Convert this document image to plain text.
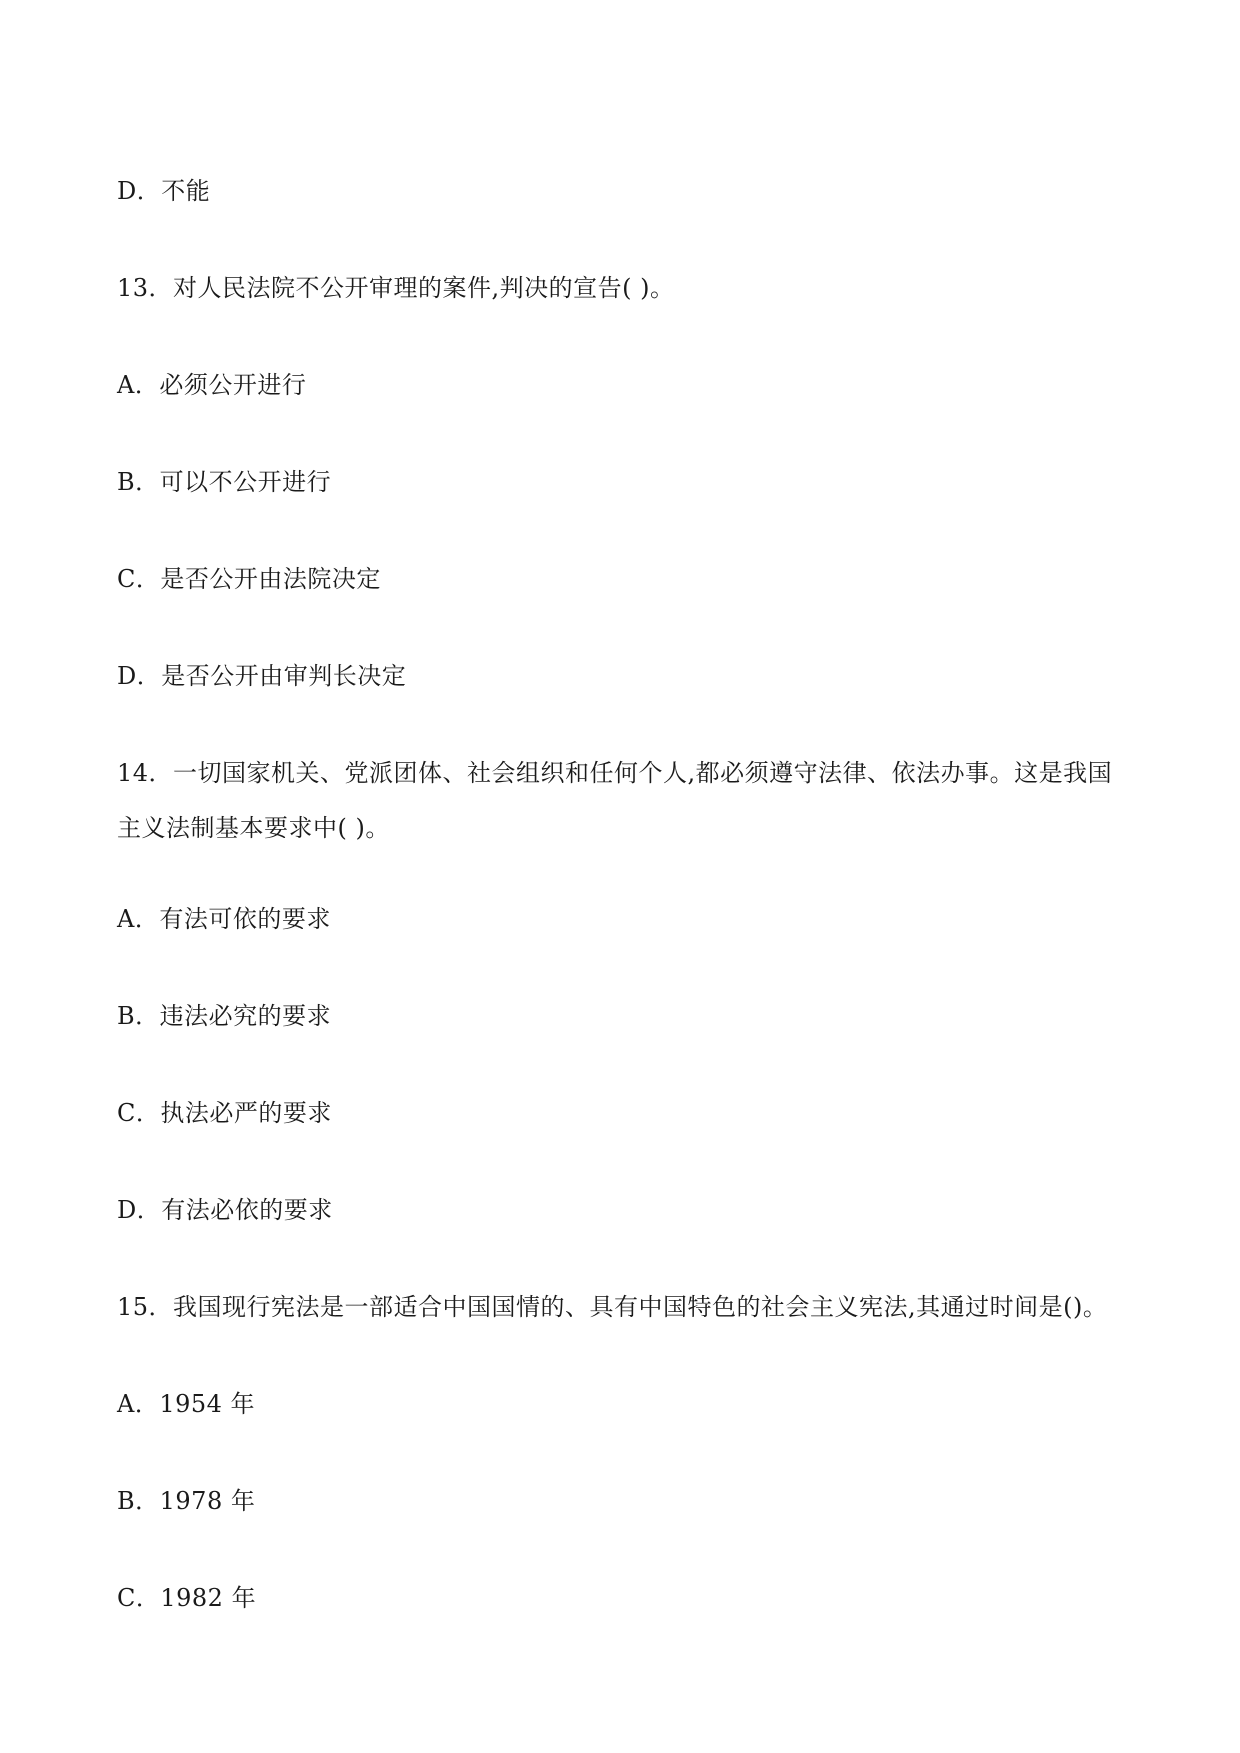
D．不能
13．对人民法院不公开审理的案件,判决的宣告( )。
A．必须公开进行
B．可以不公开进行
C．是否公开由法院决定
D．是否公开由审判长决定
14．一切国家机关、党派团体、社会组织和任何个人,都必须遵守法律、依法办事。这是我国
主义法制基本要求中( )。
A．有法可依的要求
B．违法必究的要求
C．执法必严的要求
D．有法必依的要求
15．我国现行宪法是一部适合中国国情的、具有中国特色的社会主义宪法,其通过时间是()。
A．1954 年
B．1978 年
C．1982 年
